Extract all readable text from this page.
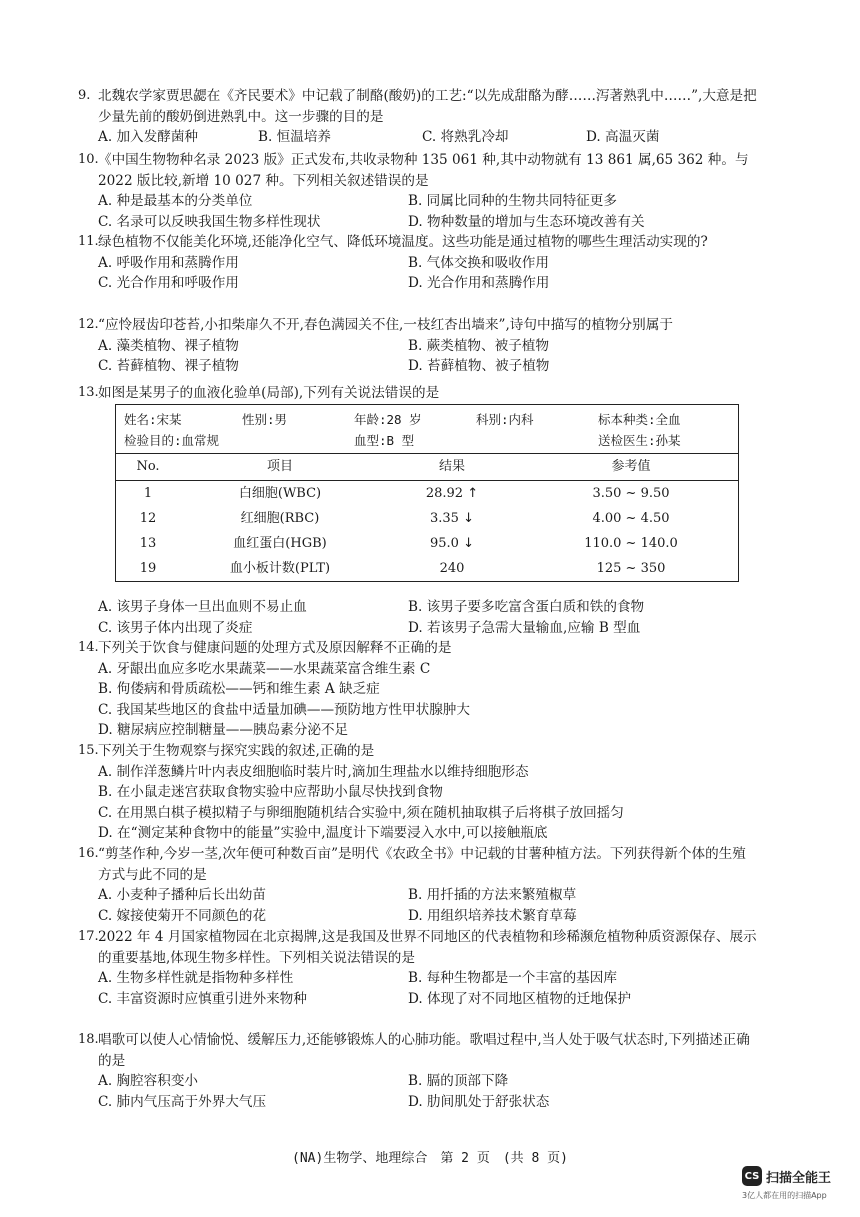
9. 北魏农学家贾思勰在《齐民要术》中记载了制酪(酸奶)的工艺:“以先成甜酪为酵……泻著熟乳中……”,大意是把少量先前的酸奶倒进熟乳中。这一步骤的目的是
A. 加入发酵菌种	B. 恒温培养	C. 将熟乳冷却	D. 高温灭菌
10. 《中国生物物种名录 2023 版》正式发布,共收录物种 135 061 种,其中动物就有 13 861 属,65 362 种。与 2022 版比较,新增 10 027 种。下列相关叙述错误的是
A. 种是最基本的分类单位	B. 同属比同种的生物共同特征更多
C. 名录可以反映我国生物多样性现状	D. 物种数量的增加与生态环境改善有关
11. 绿色植物不仅能美化环境,还能净化空气、降低环境温度。这些功能是通过植物的哪些生理活动实现的?
A. 呼吸作用和蒸腾作用	B. 气体交换和吸收作用
C. 光合作用和呼吸作用	D. 光合作用和蒸腾作用
12. “应怜屐齿印苍苔,小扣柴扉久不开,春色满园关不住,一枝红杏出墙来”,诗句中描写的植物分别属于
A. 藻类植物、裸子植物	B. 蕨类植物、被子植物
C. 苔藓植物、裸子植物	D. 苔藓植物、被子植物
13. 如图是某男子的血液化验单(局部),下列有关说法错误的是
姓名:宋某	性别:男	年龄:28 岁	科别:内科	标本种类:全血
检验目的:血常规	血型:B 型	送检医生:孙某

No.	项目	结果	参考值
1	白细胞(WBC)	28.92 ↑	3.50 ~ 9.50
12	红细胞(RBC)	3.35 ↓	4.00 ~ 4.50
13	血红蛋白(HGB)	95.0 ↓	110.0 ~ 140.0
19	血小板计数(PLT)	240	125 ~ 350
A. 该男子身体一旦出血则不易止血	B. 该男子要多吃富含蛋白质和铁的食物
C. 该男子体内出现了炎症	D. 若该男子急需大量输血,应输 B 型血
14. 下列关于饮食与健康问题的处理方式及原因解释不正确的是
A. 牙龈出血应多吃水果蔬菜——水果蔬菜富含维生素 C
B. 佝偻病和骨质疏松——钙和维生素 A 缺乏症
C. 我国某些地区的食盐中适量加碘——预防地方性甲状腺肿大
D. 糖尿病应控制糖量——胰岛素分泌不足
15. 下列关于生物观察与探究实践的叙述,正确的是
A. 制作洋葱鳞片叶内表皮细胞临时装片时,滴加生理盐水以维持细胞形态
B. 在小鼠走迷宫获取食物实验中应帮助小鼠尽快找到食物
C. 在用黑白棋子模拟精子与卵细胞随机结合实验中,须在随机抽取棋子后将棋子放回摇匀
D. 在“测定某种食物中的能量”实验中,温度计下端要浸入水中,可以接触瓶底
16. “剪茎作种,今岁一茎,次年便可种数百亩”是明代《农政全书》中记载的甘薯种植方法。下列获得新个体的生殖方式与此不同的是
A. 小麦种子播种后长出幼苗	B. 用扦插的方法来繁殖椒草
C. 嫁接使菊开不同颜色的花	D. 用组织培养技术繁育草莓
17. 2022 年 4 月国家植物园在北京揭牌,这是我国及世界不同地区的代表植物和珍稀濒危植物种质资源保存、展示的重要基地,体现生物多样性。下列相关说法错误的是
A. 生物多样性就是指物种多样性	B. 每种生物都是一个丰富的基因库
C. 丰富资源时应慎重引进外来物种	D. 体现了对不同地区植物的迁地保护
18. 唱歌可以使人心情愉悦、缓解压力,还能够锻炼人的心肺功能。歌唱过程中,当人处于吸气状态时,下列描述正确的是
A. 胸腔容积变小	B. 膈的顶部下降
C. 肺内气压高于外界大气压	D. 肋间肌处于舒张状态
(NA)生物学、地理综合　第 2 页　(共 8 页)
CS 扫描全能王
3亿人都在用的扫描App
